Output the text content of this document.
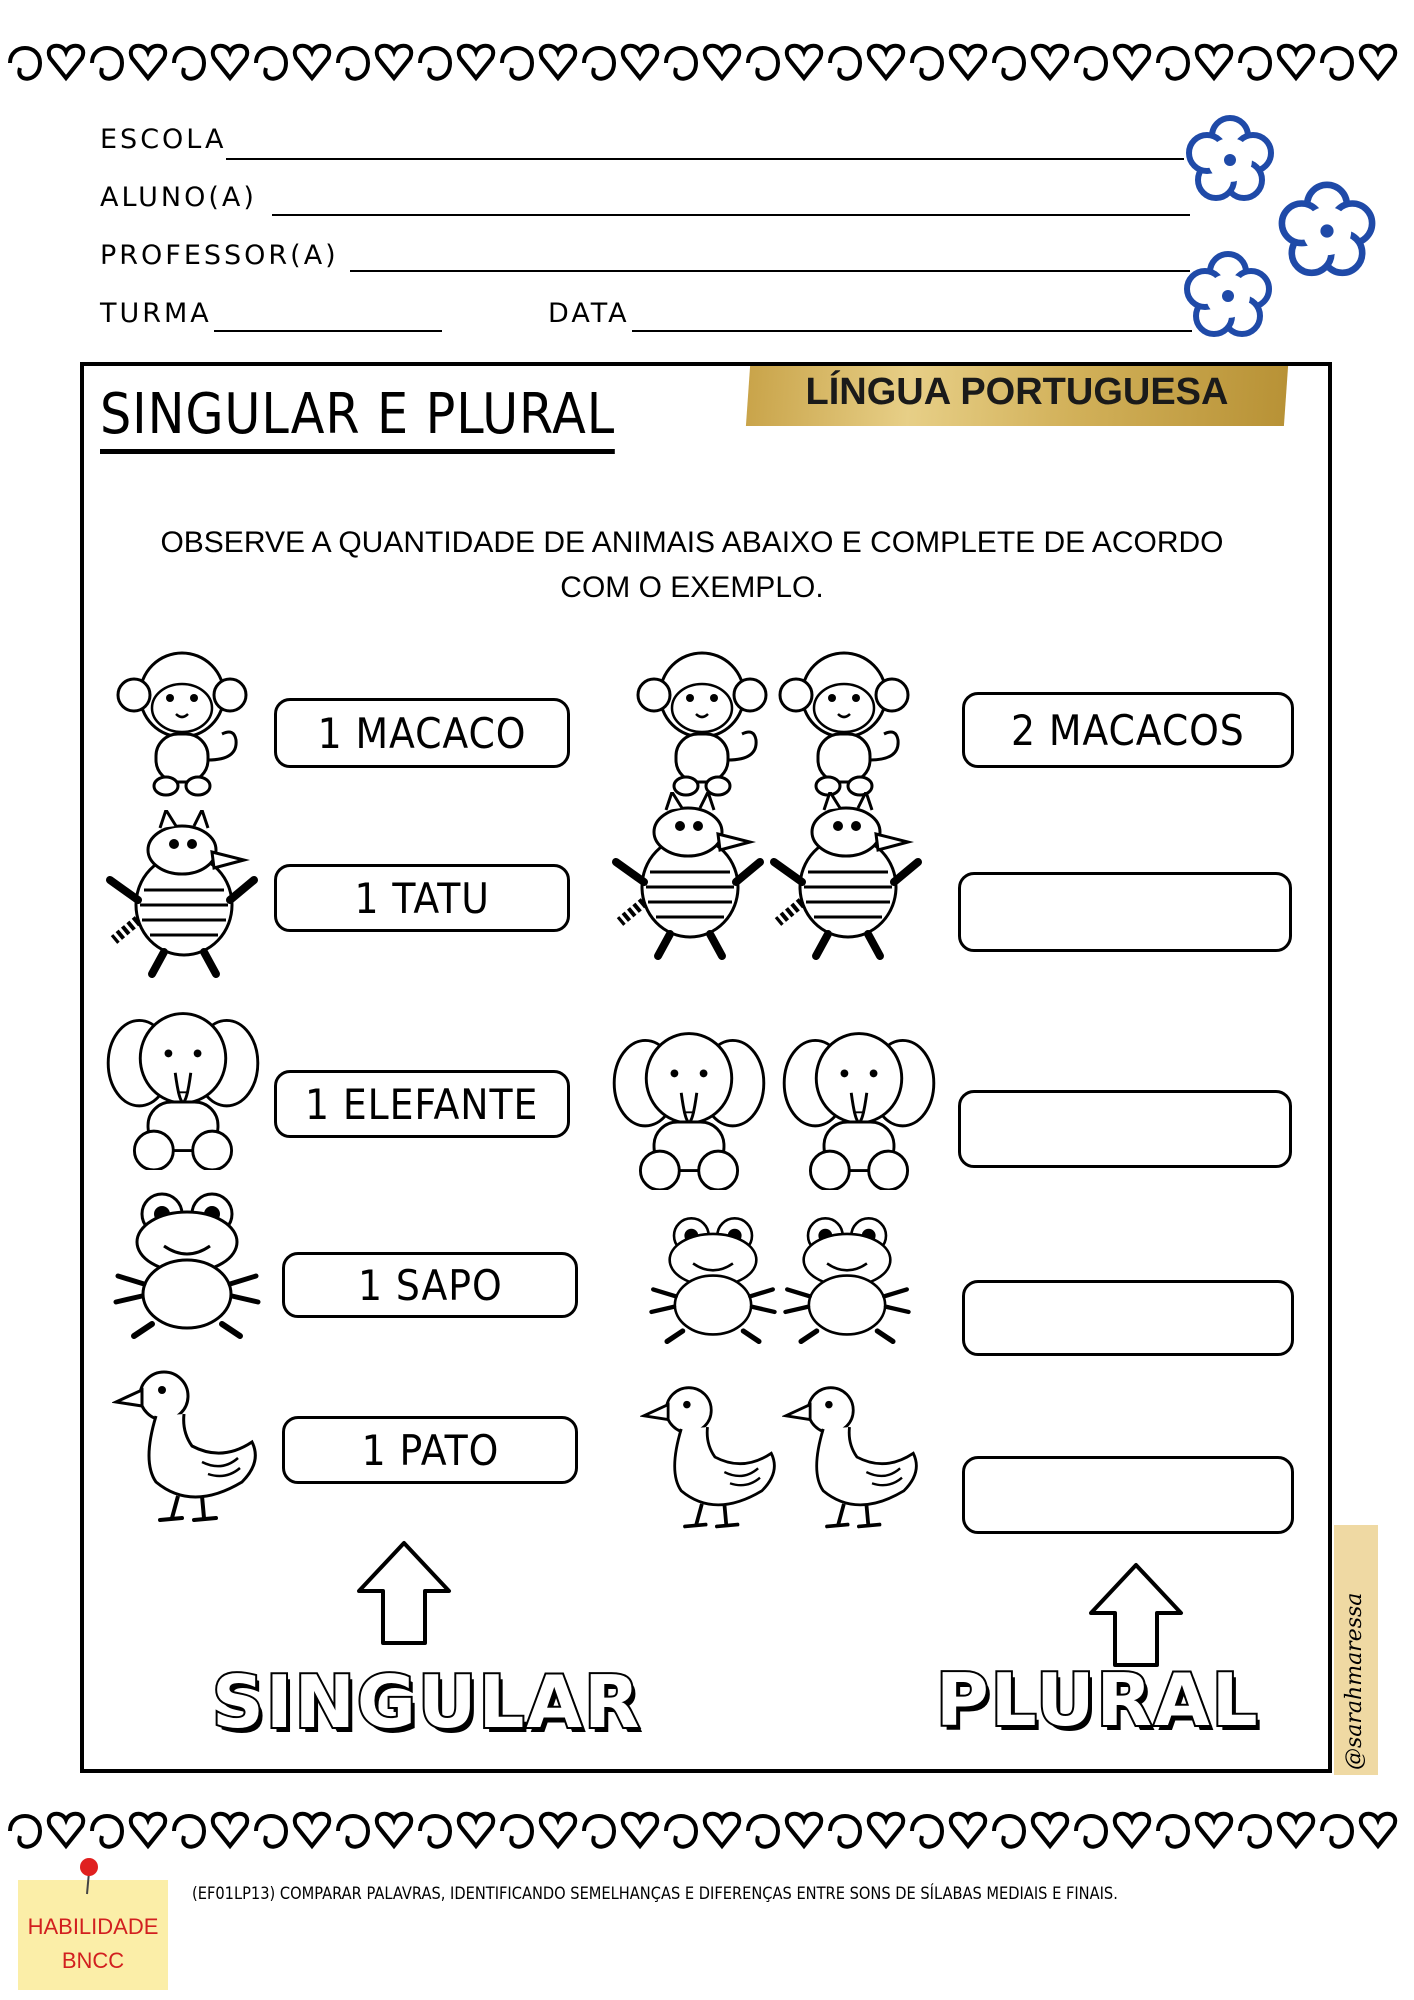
ESCOLA
ALUNO(A)
PROFESSOR(A)
TURMA	DATA
SINGULAR E PLURAL	LÍNGUA PORTUGUESA
OBSERVE A QUANTIDADE DE ANIMAIS ABAIXO E COMPLETE DE ACORDO
COM O EXEMPLO.
1 MACACO	2 MACACOS
1 TATU
1 ELEFANTE
1 SAPO
1 PATO
SINGULAR	PLURAL	@sarahmaressa
HABILIDADE
BNCC
(EF01LP13) COMPARAR PALAVRAS, IDENTIFICANDO SEMELHANÇAS E DIFERENÇAS ENTRE SONS DE SÍLABAS MEDIAIS E FINAIS.
